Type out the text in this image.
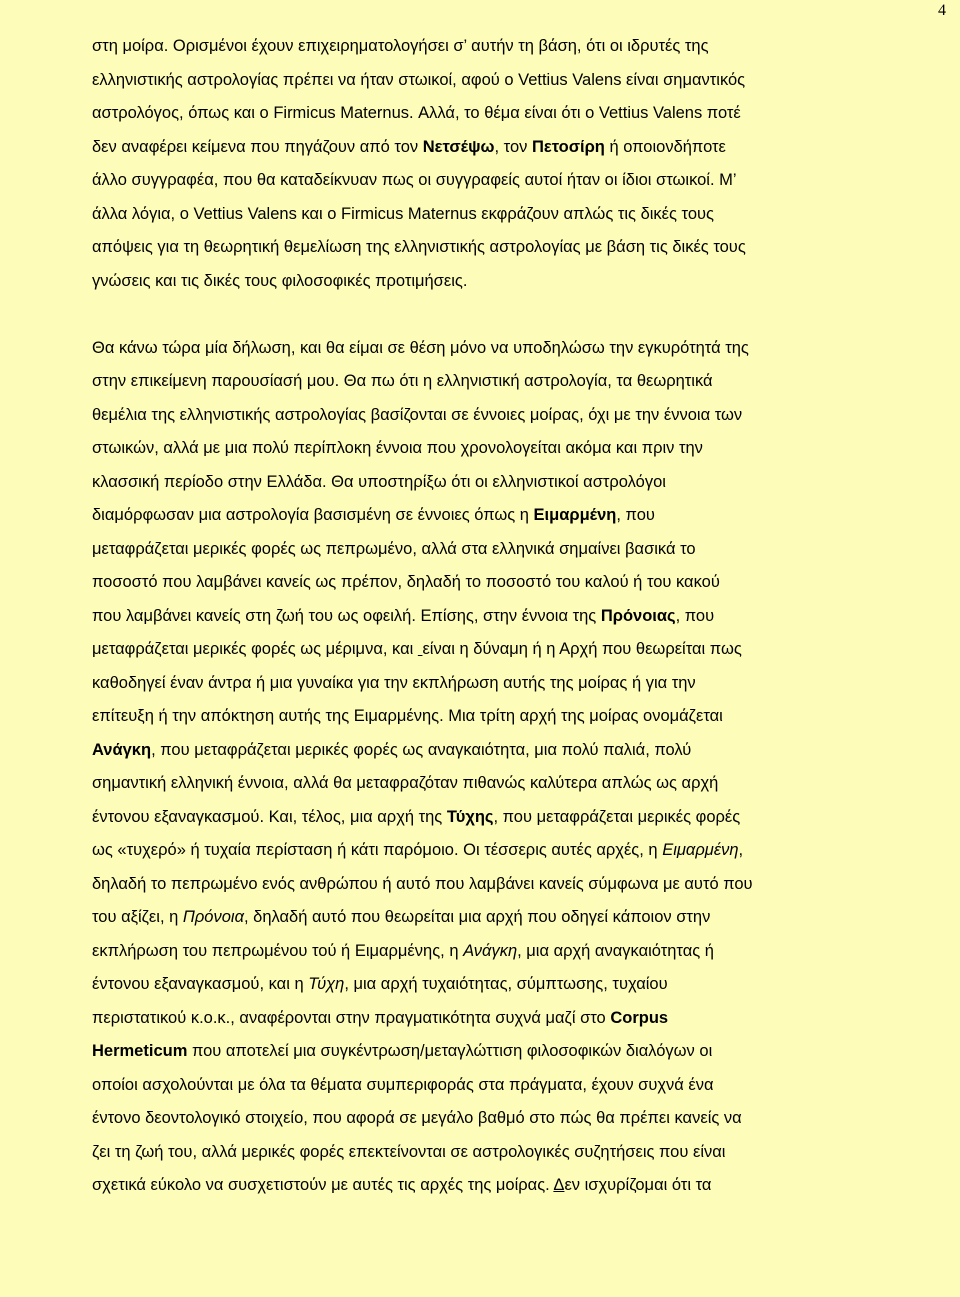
4
στη μοίρα. Ορισμένοι έχουν επιχειρηματολογήσει σ’ αυτήν τη βάση, ότι οι ιδρυτές της
ελληνιστικής αστρολογίας πρέπει να ήταν στωικοί, αφού ο Vettius Valens είναι σημαντικός
αστρολόγος, όπως και ο Firmicus Maternus. Αλλά, το θέμα είναι ότι ο Vettius Valens ποτέ
δεν αναφέρει κείμενα που πηγάζουν από τον Νετσέψω, τον Πετοσίρη ή οποιονδήποτε
άλλο συγγραφέα, που θα καταδείκνυαν πως οι συγγραφείς αυτοί ήταν οι ίδιοι στωικοί. Μ’
άλλα λόγια, ο Vettius Valens και ο Firmicus Maternus εκφράζουν απλώς τις δικές τους
απόψεις για τη θεωρητική θεμελίωση της ελληνιστικής αστρολογίας με βάση τις δικές τους
γνώσεις και τις δικές τους φιλοσοφικές προτιμήσεις.
Θα κάνω τώρα μία δήλωση, και θα είμαι σε θέση μόνο να υποδηλώσω την εγκυρότητά της
στην επικείμενη παρουσίασή μου. Θα πω ότι η ελληνιστική αστρολογία, τα θεωρητικά
θεμέλια της ελληνιστικής αστρολογίας βασίζονται σε έννοιες μοίρας, όχι με την έννοια των
στωικών, αλλά με μια πολύ περίπλοκη έννοια που χρονολογείται ακόμα και πριν την
κλασσική περίοδο στην Ελλάδα. Θα υποστηρίξω ότι οι ελληνιστικοί αστρολόγοι
διαμόρφωσαν μια αστρολογία βασισμένη σε έννοιες όπως η Ειμαρμένη, που
μεταφράζεται μερικές φορές ως πεπρωμένο, αλλά στα ελληνικά σημαίνει βασικά το
ποσοστό που λαμβάνει κανείς ως πρέπον, δηλαδή το ποσοστό του καλού ή του κακού
που λαμβάνει κανείς στη ζωή του ως οφειλή. Επίσης, στην έννοια της Πρόνοιας, που
μεταφράζεται μερικές φορές ως μέριμνα, και  είναι η δύναμη ή η Αρχή που θεωρείται πως
καθοδηγεί έναν άντρα ή μια γυναίκα για την εκπλήρωση αυτής της μοίρας ή για την
επίτευξη ή την απόκτηση αυτής της Ειμαρμένης. Μια τρίτη αρχή της μοίρας ονομάζεται
Ανάγκη, που μεταφράζεται μερικές φορές ως αναγκαιότητα, μια πολύ παλιά, πολύ
σημαντική ελληνική έννοια, αλλά θα μεταφραζόταν πιθανώς καλύτερα απλώς ως αρχή
έντονου εξαναγκασμού. Και, τέλος, μια αρχή της Τύχης, που μεταφράζεται μερικές φορές
ως «τυχερό» ή τυχαία περίσταση ή κάτι παρόμοιο. Οι τέσσερις αυτές αρχές, η Ειμαρμένη,
δηλαδή το πεπρωμένο ενός ανθρώπου ή αυτό που λαμβάνει κανείς σύμφωνα με αυτό που
του αξίζει, η Πρόνοια, δηλαδή αυτό που θεωρείται μια αρχή που οδηγεί κάποιον στην
εκπλήρωση του πεπρωμένου τού ή Ειμαρμένης, η Ανάγκη, μια αρχή αναγκαιότητας ή
έντονου εξαναγκασμού, και η Τύχη, μια αρχή τυχαιότητας, σύμπτωσης, τυχαίου
περιστατικού κ.ο.κ., αναφέρονται στην πραγματικότητα συχνά μαζί στο Corpus
Hermeticum που αποτελεί μια συγκέντρωση/μεταγλώττιση φιλοσοφικών διαλόγων οι
οποίοι ασχολούνται με όλα τα θέματα συμπεριφοράς στα πράγματα, έχουν συχνά ένα
έντονο δεοντολογικό στοιχείο, που αφορά σε μεγάλο βαθμό στο πώς θα πρέπει κανείς να
ζει τη ζωή του, αλλά μερικές φορές επεκτείνονται σε αστρολογικές συζητήσεις που είναι
σχετικά εύκολο να συσχετιστούν με αυτές τις αρχές της μοίρας. Δεν ισχυρίζομαι ότι τα
